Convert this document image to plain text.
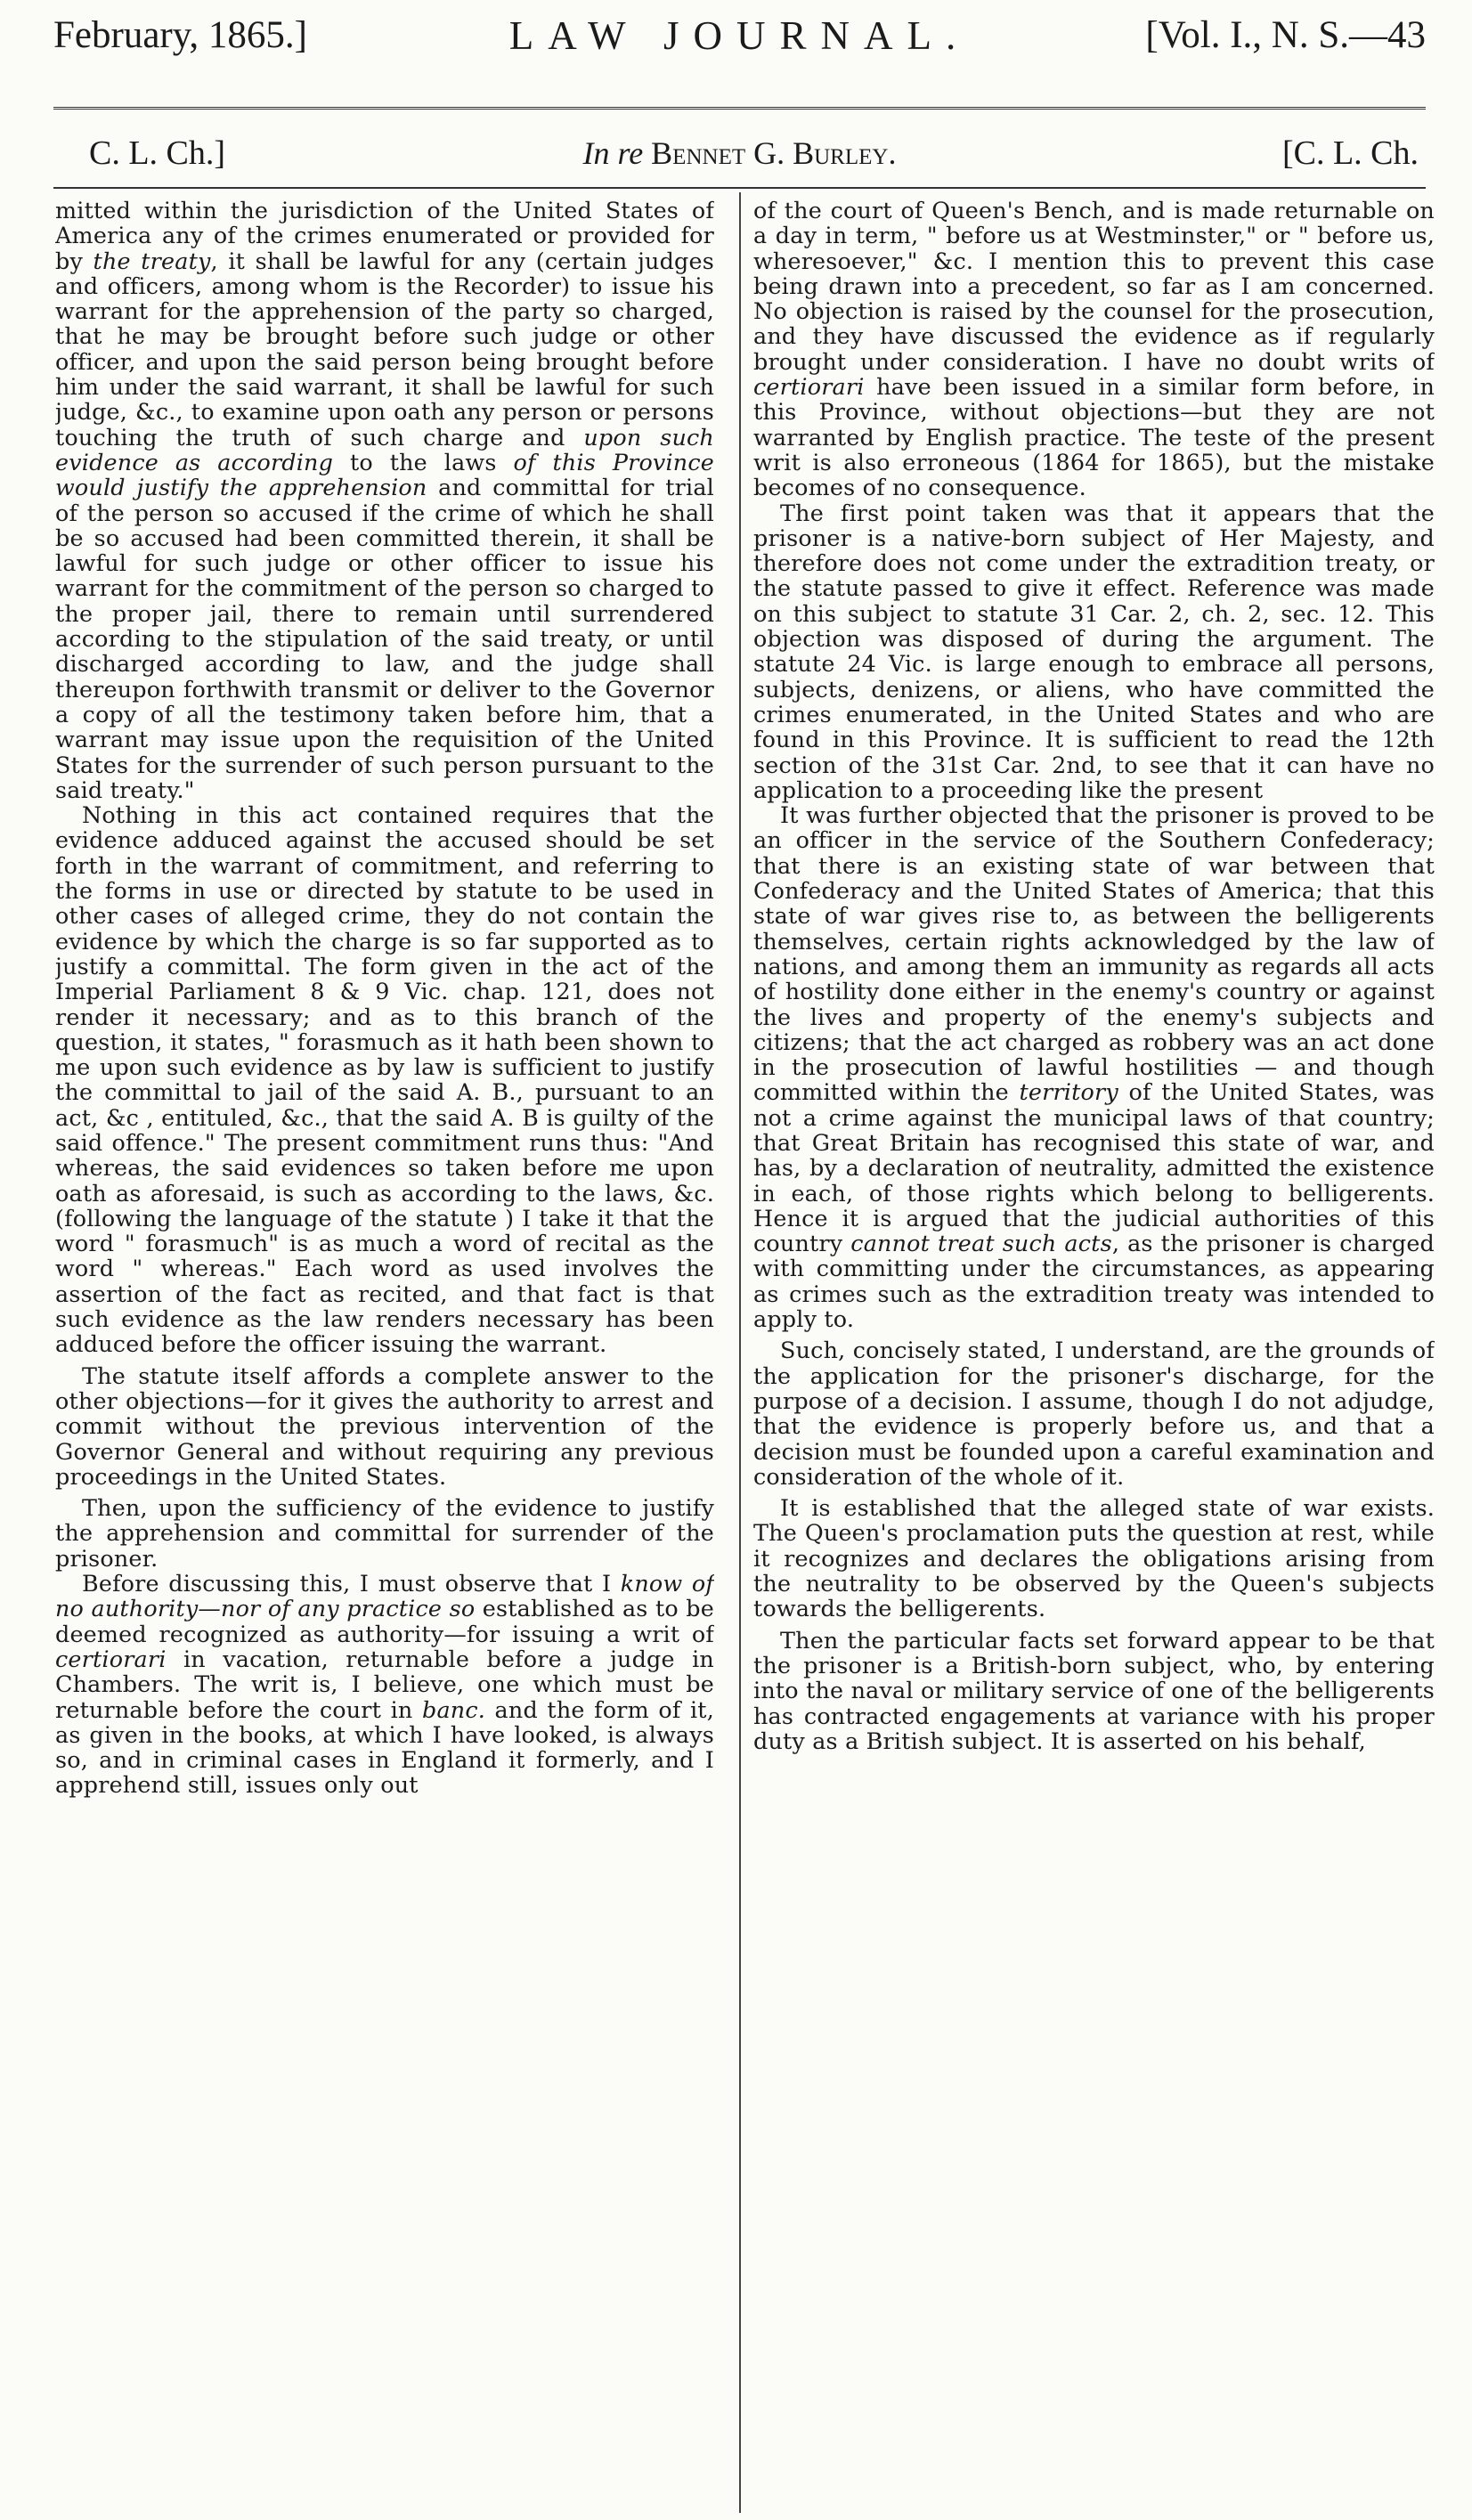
February, 1865.]	LAW JOURNAL.	[Vol. I., N. S.—43
C. L. Ch.]	In re Bennet G. Burley.	[C. L. Ch.

mitted within the jurisdiction of the United States of America any of the crimes enumerated or provided for by the treaty, it shall be lawful for any (certain judges and officers, among whom is the Recorder) to issue his warrant for the apprehension of the party so charged, that he may be brought before such judge or other officer, and upon the said person being brought before him under the said warrant, it shall be lawful for such judge, &c., to examine upon oath any person or persons touching the truth of such charge and upon such evidence as according to the laws of this Province would justify the apprehension and committal for trial of the person so accused if the crime of which he shall be so accused had been committed therein, it shall be lawful for such judge or other officer to issue his warrant for the commitment of the person so charged to the proper jail, there to remain until surrendered according to the stipulation of the said treaty, or until discharged according to law, and the judge shall thereupon forthwith transmit or deliver to the Governor a copy of all the testimony taken before him, that a warrant may issue upon the requisition of the United States for the surrender of such person pursuant to the said treaty."

Nothing in this act contained requires that the evidence adduced against the accused should be set forth in the warrant of commitment, and referring to the forms in use or directed by statute to be used in other cases of alleged crime, they do not contain the evidence by which the charge is so far supported as to justify a committal. The form given in the act of the Imperial Parliament 8 & 9 Vic. chap. 121, does not render it necessary; and as to this branch of the question, it states, " forasmuch as it hath been shown to me upon such evidence as by law is sufficient to justify the committal to jail of the said A. B., pursuant to an act, &c , entituled, &c., that the said A. B is guilty of the said offence." The present commitment runs thus: "And whereas, the said evidences so taken before me upon oath as aforesaid, is such as according to the laws, &c. (following the language of the statute ) I take it that the word " forasmuch" is as much a word of recital as the word " whereas." Each word as used involves the assertion of the fact as recited, and that fact is that such evidence as the law renders necessary has been adduced before the officer issuing the warrant.

The statute itself affords a complete answer to the other objections—for it gives the authority to arrest and commit without the previous intervention of the Governor General and without requiring any previous proceedings in the United States.

Then, upon the sufficiency of the evidence to justify the apprehension and committal for surrender of the prisoner.

Before discussing this, I must observe that I know of no authority—nor of any practice so established as to be deemed recognized as authority—for issuing a writ of certiorari in vacation, returnable before a judge in Chambers. The writ is, I believe, one which must be returnable before the court in banc. and the form of it, as given in the books, at which I have looked, is always so, and in criminal cases in England it formerly, and I apprehend still, issues only out

of the court of Queen's Bench, and is made returnable on a day in term, " before us at Westminster," or " before us, wheresoever," &c. I mention this to prevent this case being drawn into a precedent, so far as I am concerned. No objection is raised by the counsel for the prosecution, and they have discussed the evidence as if regularly brought under consideration. I have no doubt writs of certiorari have been issued in a similar form before, in this Province, without objections—but they are not warranted by English practice. The teste of the present writ is also erroneous (1864 for 1865), but the mistake becomes of no consequence.

The first point taken was that it appears that the prisoner is a native-born subject of Her Majesty, and therefore does not come under the extradition treaty, or the statute passed to give it effect. Reference was made on this subject to statute 31 Car. 2, ch. 2, sec. 12. This objection was disposed of during the argument. The statute 24 Vic. is large enough to embrace all persons, subjects, denizens, or aliens, who have committed the crimes enumerated, in the United States and who are found in this Province. It is sufficient to read the 12th section of the 31st Car. 2nd, to see that it can have no application to a proceeding like the present

It was further objected that the prisoner is proved to be an officer in the service of the Southern Confederacy; that there is an existing state of war between that Confederacy and the United States of America; that this state of war gives rise to, as between the belligerents themselves, certain rights acknowledged by the law of nations, and among them an immunity as regards all acts of hostility done either in the enemy's country or against the lives and property of the enemy's subjects and citizens; that the act charged as robbery was an act done in the prosecution of lawful hostilities — and though committed within the territory of the United States, was not a crime against the municipal laws of that country; that Great Britain has recognised this state of war, and has, by a declaration of neutrality, admitted the existence in each, of those rights which belong to belligerents. Hence it is argued that the judicial authorities of this country cannot treat such acts, as the prisoner is charged with committing under the circumstances, as appearing as crimes such as the extradition treaty was intended to apply to.

Such, concisely stated, I understand, are the grounds of the application for the prisoner's discharge, for the purpose of a decision. I assume, though I do not adjudge, that the evidence is properly before us, and that a decision must be founded upon a careful examination and consideration of the whole of it.

It is established that the alleged state of war exists. The Queen's proclamation puts the question at rest, while it recognizes and declares the obligations arising from the neutrality to be observed by the Queen's subjects towards the belligerents.

Then the particular facts set forward appear to be that the prisoner is a British-born subject, who, by entering into the naval or military service of one of the belligerents has contracted engagements at variance with his proper duty as a British subject. It is asserted on his behalf,
